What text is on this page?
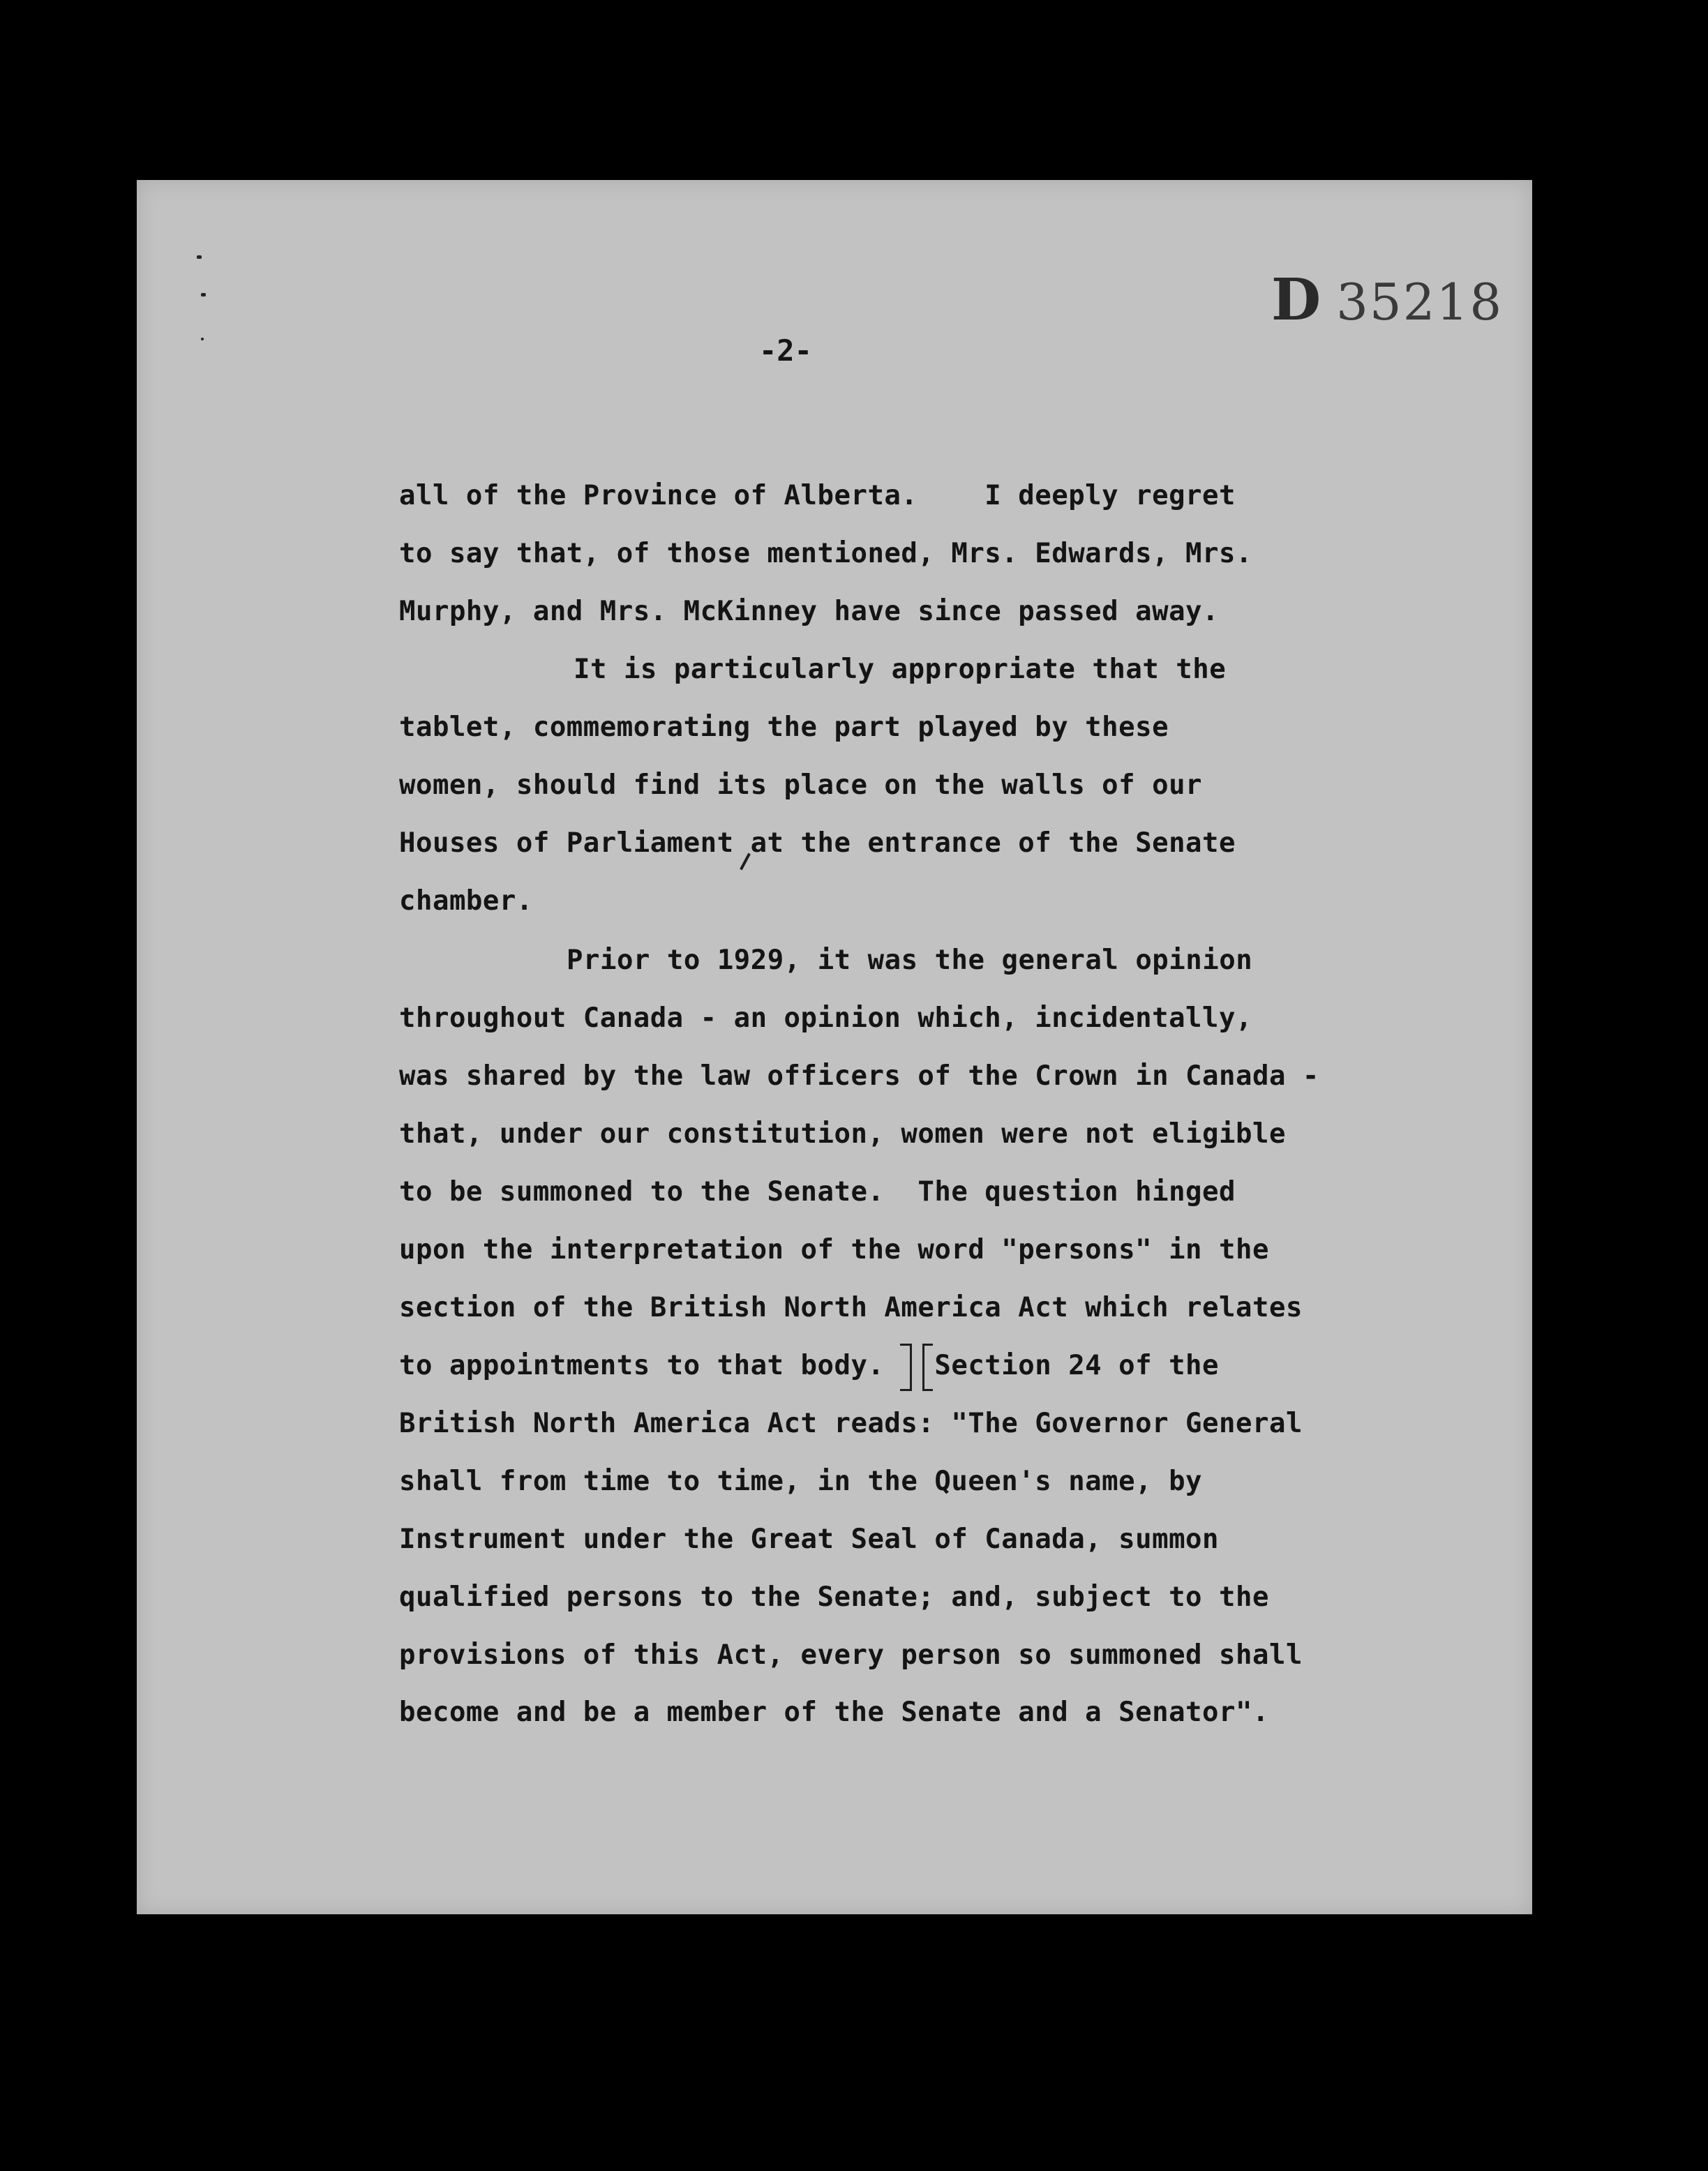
D 35218
-2-
all of the Province of Alberta.    I deeply regret
to say that, of those mentioned, Mrs. Edwards, Mrs.
Murphy, and Mrs. McKinney have since passed away.
It is particularly appropriate that the
tablet, commemorating the part played by these
women, should find its place on the walls of our
Houses of Parliament at the entrance of the Senate
chamber.
Prior to 1929, it was the general opinion
throughout Canada - an opinion which, incidentally,
was shared by the law officers of the Crown in Canada -
that, under our constitution, women were not eligible
to be summoned to the Senate.  The question hinged
upon the interpretation of the word "persons" in the
section of the British North America Act which relates
to appointments to that body.   Section 24 of the
British North America Act reads: "The Governor General
shall from time to time, in the Queen's name, by
Instrument under the Great Seal of Canada, summon
qualified persons to the Senate; and, subject to the
provisions of this Act, every person so summoned shall
become and be a member of the Senate and a Senator".
